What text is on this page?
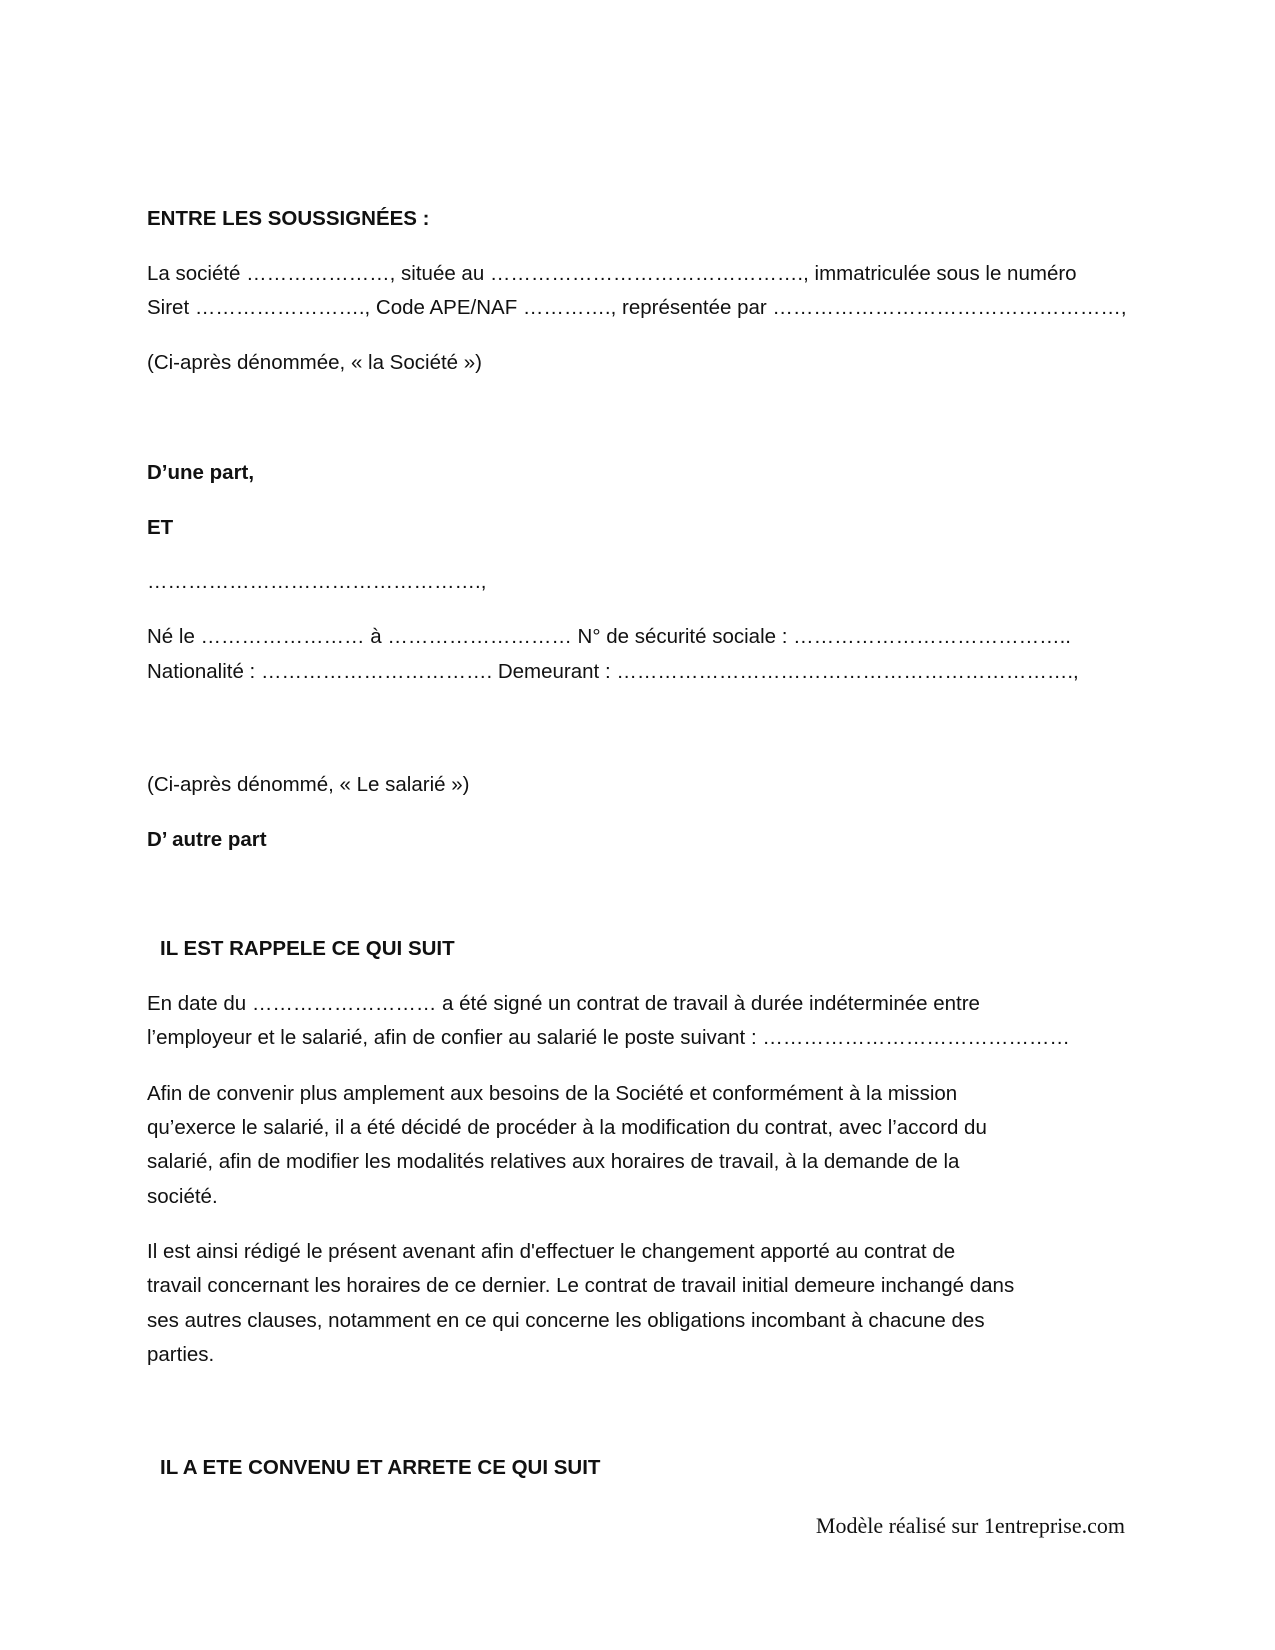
ENTRE LES SOUSSIGNÉES :

La société …………………, située au ………………………………………., immatriculée sous le numéro

Siret ……………………., Code APE/NAF …………., représentée par ……………………………………………,

(Ci-après dénommée, « la Société »)

D’une part,

ET

………………………………………….,

Né le …………………… à ……………………… N° de sécurité sociale : …………………………………..

Nationalité : ……………………………. Demeurant : ………………………………………………………….,

(Ci-après dénommé, « Le salarié »)

D’ autre part

IL EST RAPPELE CE QUI SUIT

En date du ……………………… a été signé un contrat de travail à durée indéterminée entre

l’employeur et le salarié, afin de confier au salarié le poste suivant : ………………………………………

Afin de convenir plus amplement aux besoins de la Société et conformément à la mission

qu’exerce le salarié, il a été décidé de procéder à la modification du contrat, avec l’accord du

salarié, afin de modifier les modalités relatives aux horaires de travail, à la demande de la

société.

Il est ainsi rédigé le présent avenant afin d'effectuer le changement apporté au contrat de

travail concernant les horaires de ce dernier. Le contrat de travail initial demeure inchangé dans

ses autres clauses, notamment en ce qui concerne les obligations incombant à chacune des

parties.

IL A ETE CONVENU ET ARRETE CE QUI SUIT

Modèle réalisé sur 1entreprise.com
